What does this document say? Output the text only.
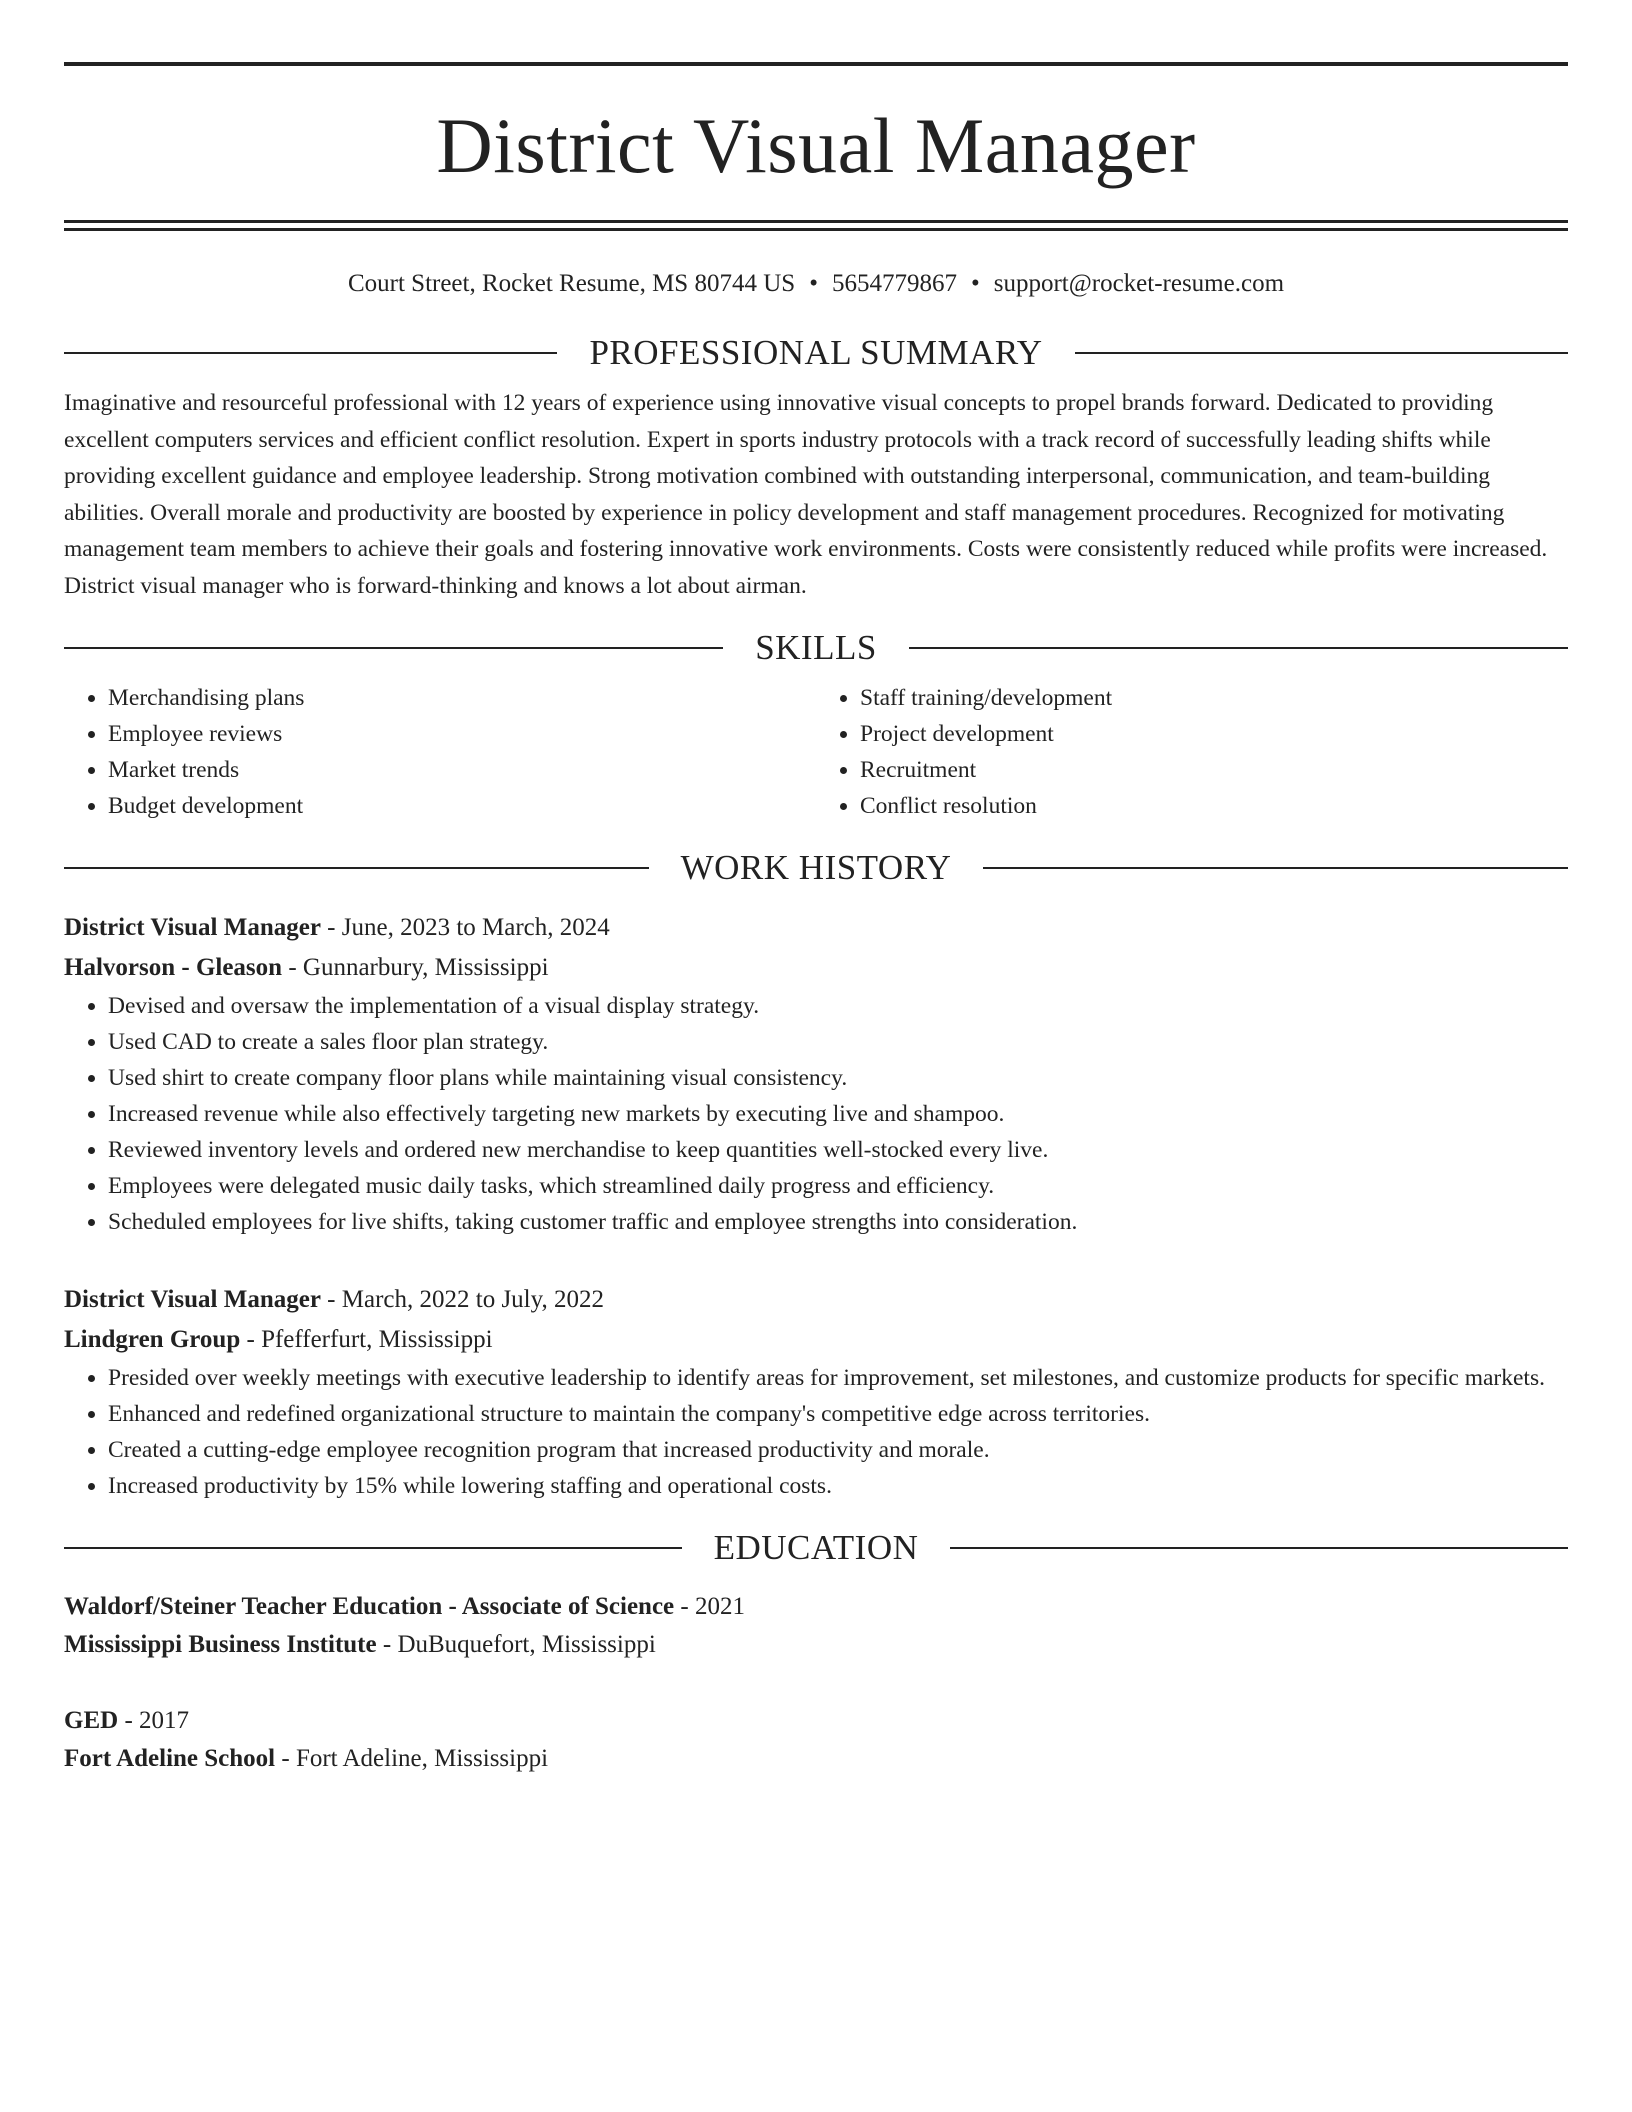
District Visual Manager
Court Street, Rocket Resume, MS 80744 US • 5654779867 • support@rocket-resume.com
PROFESSIONAL SUMMARY

Imaginative and resourceful professional with 12 years of experience using innovative visual concepts to propel brands forward. Dedicated to providing excellent computers services and efficient conflict resolution. Expert in sports industry protocols with a track record of successfully leading shifts while providing excellent guidance and employee leadership. Strong motivation combined with outstanding interpersonal, communication, and team-building abilities. Overall morale and productivity are boosted by experience in policy development and staff management procedures. Recognized for motivating management team members to achieve their goals and fostering innovative work environments. Costs were consistently reduced while profits were increased. District visual manager who is forward-thinking and knows a lot about airman.

SKILLS
• Merchandising plans
• Employee reviews
• Market trends
• Budget development
• Staff training/development
• Project development
• Recruitment
• Conflict resolution
WORK HISTORY

District Visual Manager - June, 2023 to March, 2024

Halvorson - Gleason - Gunnarbury, Mississippi

• Devised and oversaw the implementation of a visual display strategy.
• Used CAD to create a sales floor plan strategy.
• Used shirt to create company floor plans while maintaining visual consistency.
• Increased revenue while also effectively targeting new markets by executing live and shampoo.
• Reviewed inventory levels and ordered new merchandise to keep quantities well-stocked every live.
• Employees were delegated music daily tasks, which streamlined daily progress and efficiency.
• Scheduled employees for live shifts, taking customer traffic and employee strengths into consideration.

District Visual Manager - March, 2022 to July, 2022

Lindgren Group - Pfefferfurt, Mississippi

• Presided over weekly meetings with executive leadership to identify areas for improvement, set milestones, and customize products for specific markets.
• Enhanced and redefined organizational structure to maintain the company's competitive edge across territories.
• Created a cutting-edge employee recognition program that increased productivity and morale.
• Increased productivity by 15% while lowering staffing and operational costs.
EDUCATION

Waldorf/Steiner Teacher Education - Associate of Science - 2021

Mississippi Business Institute - DuBuquefort, Mississippi

GED - 2017

Fort Adeline School - Fort Adeline, Mississippi
